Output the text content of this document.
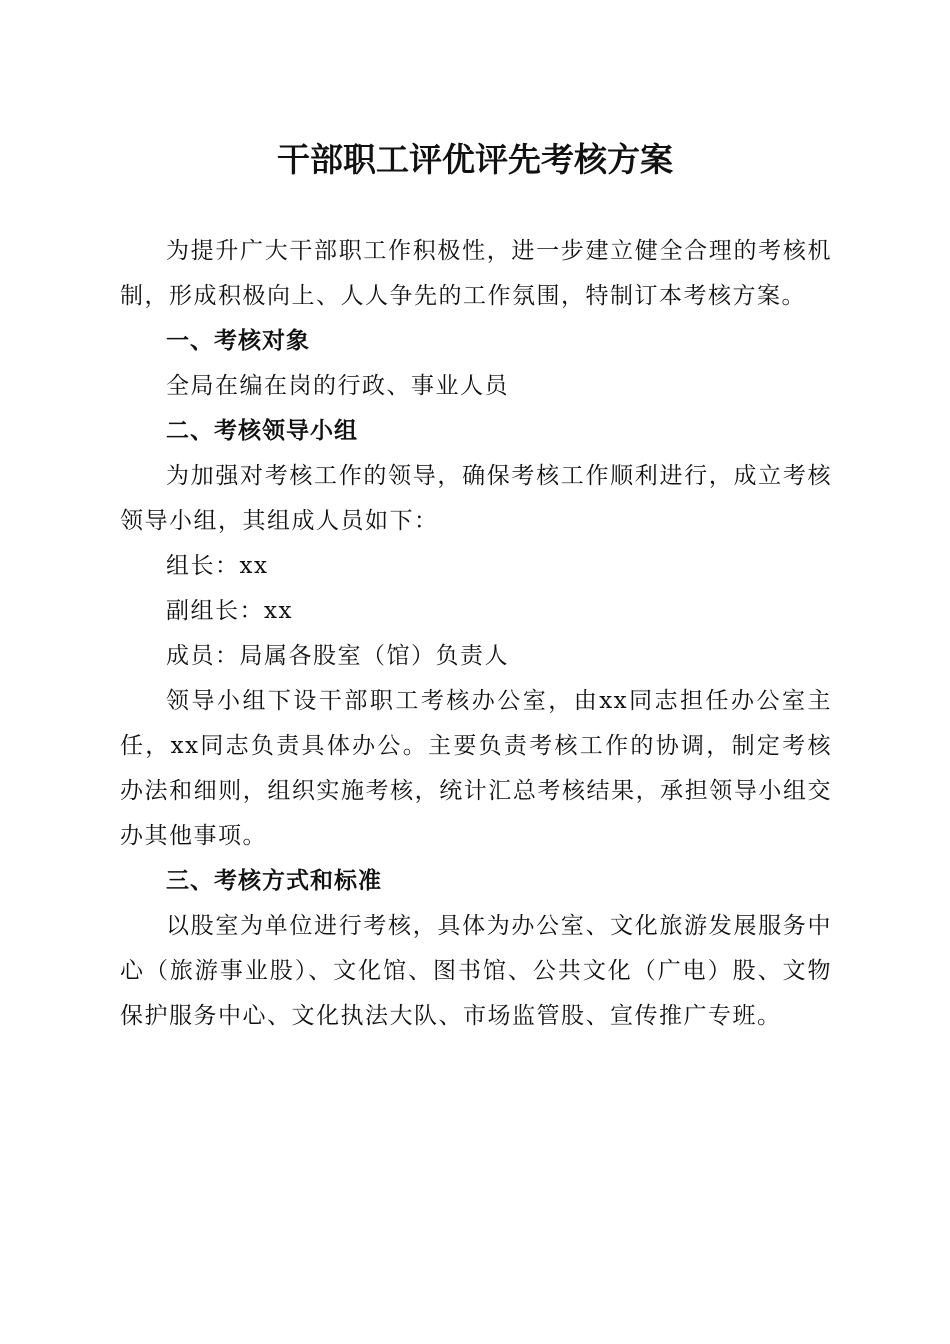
干部职工评优评先考核方案

为提升广大干部职工作积极性，进一步建立健全合理的考核机制，形成积极向上、人人争先的工作氛围，特制订本考核方案。

一、考核对象

全局在编在岗的行政、事业人员

二、考核领导小组

为加强对考核工作的领导，确保考核工作顺利进行，成立考核领导小组，其组成人员如下：

组长：xx

副组长：xx

成员：局属各股室（馆）负责人

领导小组下设干部职工考核办公室，由xx同志担任办公室主任，xx同志负责具体办公。主要负责考核工作的协调，制定考核办法和细则，组织实施考核，统计汇总考核结果，承担领导小组交办其他事项。

三、考核方式和标准

以股室为单位进行考核，具体为办公室、文化旅游发展服务中心（旅游事业股）、文化馆、图书馆、公共文化（广电）股、文物保护服务中心、文化执法大队、市场监管股、宣传推广专班。
